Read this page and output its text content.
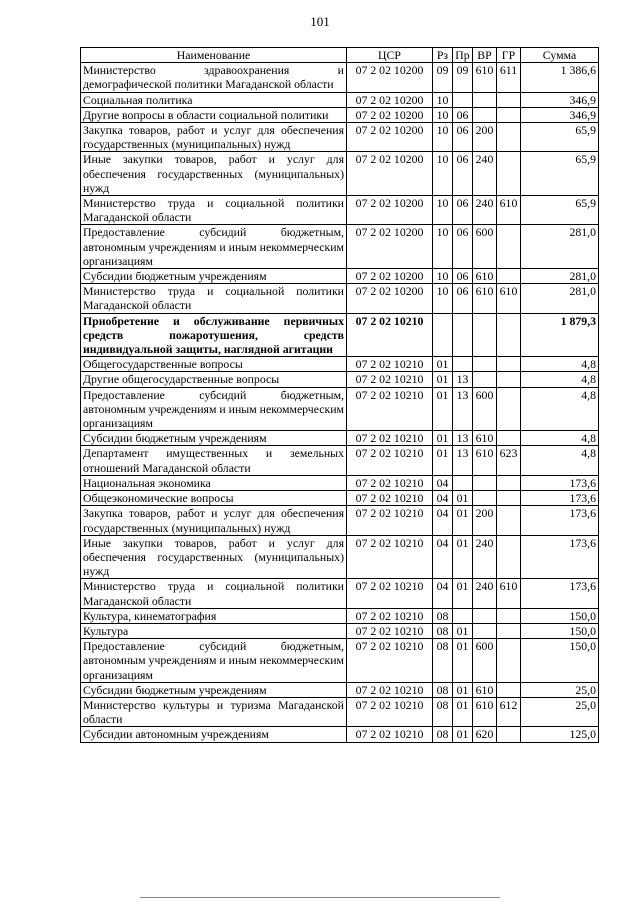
101
Наименование	ЦСР	Рз	Пр	ВР	ГР	Сумма
Министерство здравоохранения и демографической политики Магаданской области	07 2 02 10200	09	09	610	611	1 386,6
Социальная политика	07 2 02 10200	10				346,9
Другие вопросы в области социальной политики	07 2 02 10200	10	06			346,9
Закупка товаров, работ и услуг для обеспечения государственных (муниципальных) нужд	07 2 02 10200	10	06	200		65,9
Иные закупки товаров, работ и услуг для обеспечения государственных (муниципальных) нужд	07 2 02 10200	10	06	240		65,9
Министерство труда и социальной политики Магаданской области	07 2 02 10200	10	06	240	610	65,9
Предоставление субсидий бюджетным, автономным учреждениям и иным некоммерческим организациям	07 2 02 10200	10	06	600		281,0
Субсидии бюджетным учреждениям	07 2 02 10200	10	06	610		281,0
Министерство труда и социальной политики Магаданской области	07 2 02 10200	10	06	610	610	281,0
Приобретение и обслуживание первичных средств пожаротушения, средств индивидуальной защиты, наглядной агитации	07 2 02 10210					1 879,3
Общегосударственные вопросы	07 2 02 10210	01				4,8
Другие общегосударственные вопросы	07 2 02 10210	01	13			4,8
Предоставление субсидий бюджетным, автономным учреждениям и иным некоммерческим организациям	07 2 02 10210	01	13	600		4,8
Субсидии бюджетным учреждениям	07 2 02 10210	01	13	610		4,8
Департамент имущественных и земельных отношений Магаданской области	07 2 02 10210	01	13	610	623	4,8
Национальная экономика	07 2 02 10210	04				173,6
Общеэкономические вопросы	07 2 02 10210	04	01			173,6
Закупка товаров, работ и услуг для обеспечения государственных (муниципальных) нужд	07 2 02 10210	04	01	200		173,6
Иные закупки товаров, работ и услуг для обеспечения государственных (муниципальных) нужд	07 2 02 10210	04	01	240		173,6
Министерство труда и социальной политики Магаданской области	07 2 02 10210	04	01	240	610	173,6
Культура, кинематография	07 2 02 10210	08				150,0
Культура	07 2 02 10210	08	01			150,0
Предоставление субсидий бюджетным, автономным учреждениям и иным некоммерческим организациям	07 2 02 10210	08	01	600		150,0
Субсидии бюджетным учреждениям	07 2 02 10210	08	01	610		25,0
Министерство культуры и туризма Магаданской области	07 2 02 10210	08	01	610	612	25,0
Субсидии автономным учреждениям	07 2 02 10210	08	01	620		125,0
